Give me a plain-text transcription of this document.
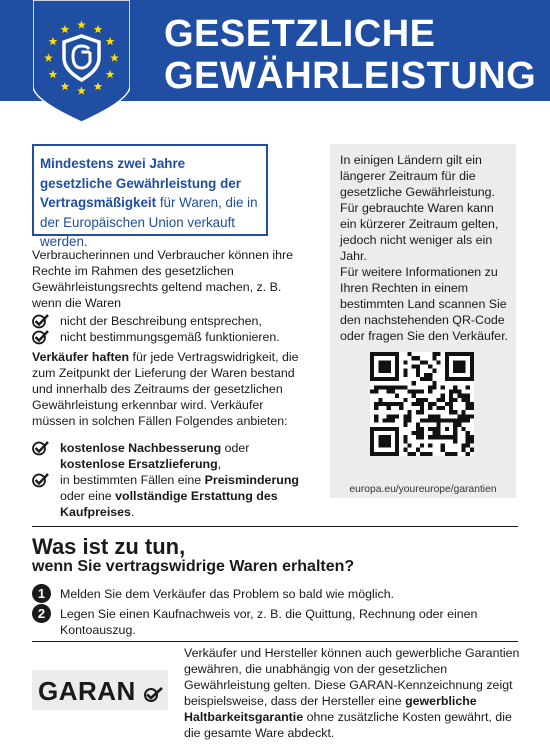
GESETZLICHE
GEWÄHRLEISTUNG
Mindestens zwei Jahre gesetzliche Gewährleistung der Vertragsmäßigkeit für Waren, die in der Europäischen Union verkauft werden.
Verbraucherinnen und Verbraucher können ihre Rechte im Rahmen des gesetzlichen Gewährleistungsrechts geltend machen, z. B. wenn die Waren
nicht der Beschreibung entsprechen,
nicht bestimmungsgemäß funktionieren.
Verkäufer haften für jede Vertragswidrigkeit, die zum Zeitpunkt der Lieferung der Waren bestand und innerhalb des Zeitraums der gesetzlichen Gewährleistung erkennbar wird. Verkäufer müssen in solchen Fällen Folgendes anbieten:
kostenlose Nachbesserung oder kostenlose Ersatzlieferung,
in bestimmten Fällen eine Preisminderung oder eine vollständige Erstattung des Kaufpreises.
In einigen Ländern gilt ein längerer Zeitraum für die gesetzliche Gewährleistung. Für gebrauchte Waren kann ein kürzerer Zeitraum gelten, jedoch nicht weniger als ein Jahr.
Für weitere Informationen zu Ihren Rechten in einem bestimmten Land scannen Sie den nachstehenden QR-Code oder fragen Sie den Verkäufer.
europa.eu/youreurope/garantien
Was ist zu tun,
wenn Sie vertragswidrige Waren erhalten?
1	Melden Sie dem Verkäufer das Problem so bald wie möglich.
2	Legen Sie einen Kaufnachweis vor, z. B. die Quittung, Rechnung oder einen Kontoauszug.
GARAN
Verkäufer und Hersteller können auch gewerbliche Garantien gewähren, die unabhängig von der gesetzlichen Gewährleistung gelten. Diese GARAN-Kennzeichnung zeigt beispielsweise, dass der Hersteller eine gewerbliche Haltbarkeitsgarantie ohne zusätzliche Kosten gewährt, die die gesamte Ware abdeckt.
